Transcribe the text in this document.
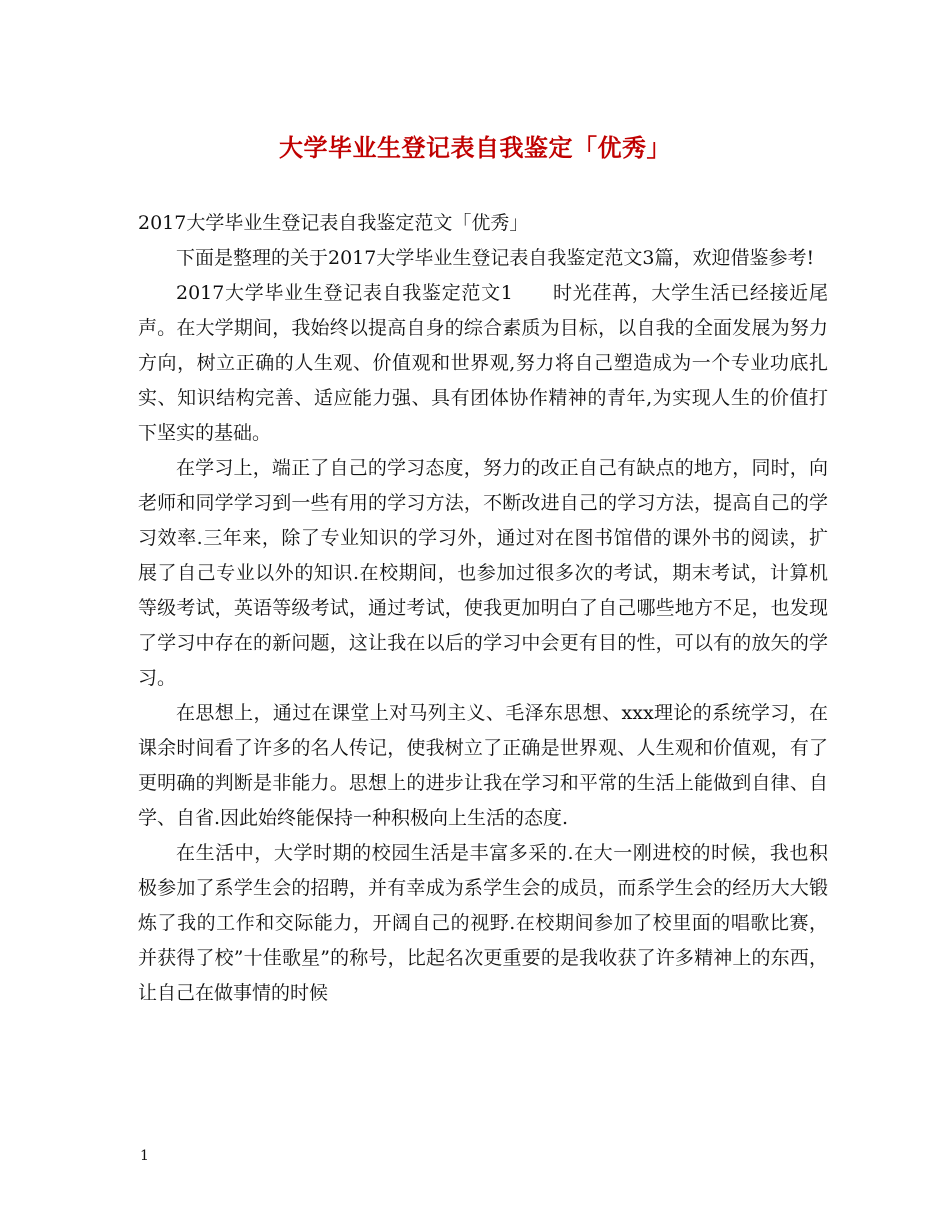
大学毕业生登记表自我鉴定「优秀」

2017大学毕业生登记表自我鉴定范文「优秀」

下面是整理的关于2017大学毕业生登记表自我鉴定范文3篇，欢迎借鉴参考!

2017大学毕业生登记表自我鉴定范文1　　时光荏苒，大学生活已经接近尾声。在大学期间，我始终以提高自身的综合素质为目标，以自我的全面发展为努力方向，树立正确的人生观、价值观和世界观,努力将自己塑造成为一个专业功底扎实、知识结构完善、适应能力强、具有团体协作精神的青年,为实现人生的价值打下坚实的基础。

在学习上，端正了自己的学习态度，努力的改正自己有缺点的地方，同时，向老师和同学学习到一些有用的学习方法，不断改进自己的学习方法，提高自己的学习效率.三年来，除了专业知识的学习外，通过对在图书馆借的课外书的阅读，扩展了自己专业以外的知识.在校期间，也参加过很多次的考试，期末考试，计算机等级考试，英语等级考试，通过考试，使我更加明白了自己哪些地方不足，也发现了学习中存在的新问题，这让我在以后的学习中会更有目的性，可以有的放矢的学习。

在思想上，通过在课堂上对马列主义、毛泽东思想、xxx理论的系统学习，在课余时间看了许多的名人传记，使我树立了正确是世界观、人生观和价值观，有了更明确的判断是非能力。思想上的进步让我在学习和平常的生活上能做到自律、自学、自省.因此始终能保持一种积极向上生活的态度.

在生活中，大学时期的校园生活是丰富多采的.在大一刚进校的时候，我也积极参加了系学生会的招聘，并有幸成为系学生会的成员，而系学生会的经历大大锻炼了我的工作和交际能力，开阔自己的视野.在校期间参加了校里面的唱歌比赛，并获得了校”十佳歌星”的称号，比起名次更重要的是我收获了许多精神上的东西，让自己在做事情的时候

1
